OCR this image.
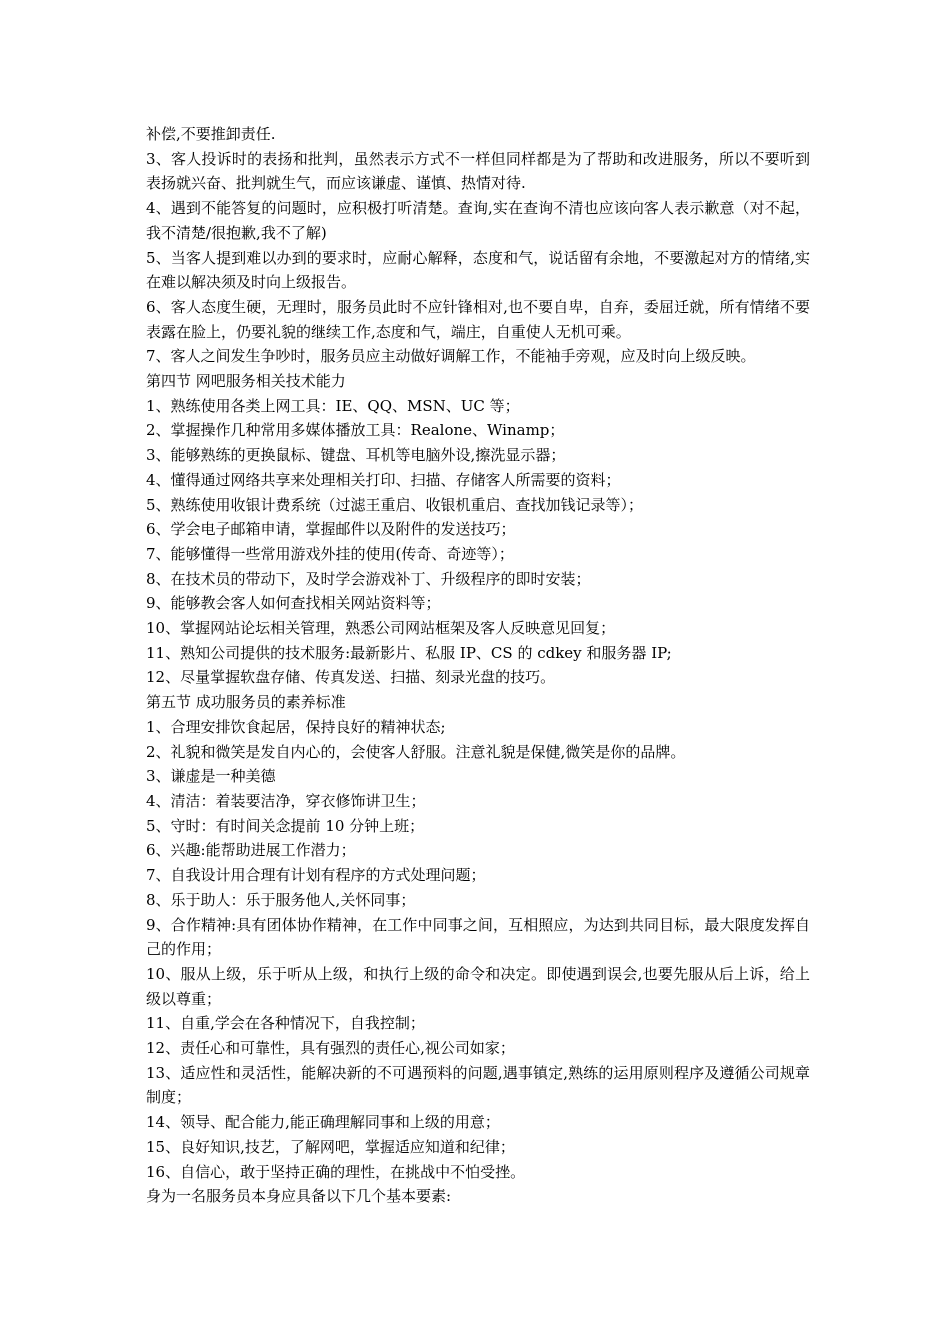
补偿,不要推卸责任.

3、客人投诉时的表扬和批判，虽然表示方式不一样但同样都是为了帮助和改进服务，所以不要听到表扬就兴奋、批判就生气，而应该谦虚、谨慎、热情对待.

4、遇到不能答复的问题时，应积极打听清楚。查询,实在查询不清也应该向客人表示歉意（对不起，我不清楚/很抱歉,我不了解)

5、当客人提到难以办到的要求时，应耐心解释，态度和气，说话留有余地，不要激起对方的情绪,实在难以解决须及时向上级报告。

6、客人态度生硬，无理时，服务员此时不应针锋相对,也不要自卑，自弃，委屈迁就，所有情绪不要表露在脸上，仍要礼貌的继续工作,态度和气，端庄，自重使人无机可乘。

7、客人之间发生争吵时，服务员应主动做好调解工作，不能袖手旁观，应及时向上级反映。

第四节 网吧服务相关技术能力

1、熟练使用各类上网工具：IE、QQ、MSN、UC 等；

2、掌握操作几种常用多媒体播放工具：Realone、Winamp；

3、能够熟练的更换鼠标、键盘、耳机等电脑外设,擦洗显示器；

4、懂得通过网络共享来处理相关打印、扫描、存储客人所需要的资料；

5、熟练使用收银计费系统（过滤王重启、收银机重启、查找加钱记录等）；

6、学会电子邮箱申请，掌握邮件以及附件的发送技巧；

7、能够懂得一些常用游戏外挂的使用(传奇、奇迹等）；

8、在技术员的带动下，及时学会游戏补丁、升级程序的即时安装；

9、能够教会客人如何查找相关网站资料等；

10、掌握网站论坛相关管理，熟悉公司网站框架及客人反映意见回复；

11、熟知公司提供的技术服务:最新影片、私服 IP、CS 的 cdkey 和服务器 IP;

12、尽量掌握软盘存储、传真发送、扫描、刻录光盘的技巧。

第五节 成功服务员的素养标准

1、合理安排饮食起居，保持良好的精神状态;

2、礼貌和微笑是发自内心的，会使客人舒服。注意礼貌是保健,微笑是你的品牌。

3、谦虚是一种美德

4、清洁：着装要洁净，穿衣修饰讲卫生；

5、守时：有时间关念提前 10 分钟上班；

6、兴趣:能帮助进展工作潜力；

7、自我设计用合理有计划有程序的方式处理问题；

8、乐于助人：乐于服务他人,关怀同事；

9、合作精神:具有团体协作精神，在工作中同事之间，互相照应，为达到共同目标，最大限度发挥自己的作用；

10、服从上级，乐于听从上级，和执行上级的命令和决定。即使遇到误会,也要先服从后上诉，给上级以尊重；

11、自重,学会在各种情况下，自我控制；

12、责任心和可靠性，具有强烈的责任心,视公司如家；

13、适应性和灵活性，能解决新的不可遇预料的问题,遇事镇定,熟练的运用原则程序及遵循公司规章制度；

14、领导、配合能力,能正确理解同事和上级的用意；

15、良好知识,技艺，了解网吧，掌握适应知道和纪律；

16、自信心，敢于坚持正确的理性，在挑战中不怕受挫。

身为一名服务员本身应具备以下几个基本要素:
